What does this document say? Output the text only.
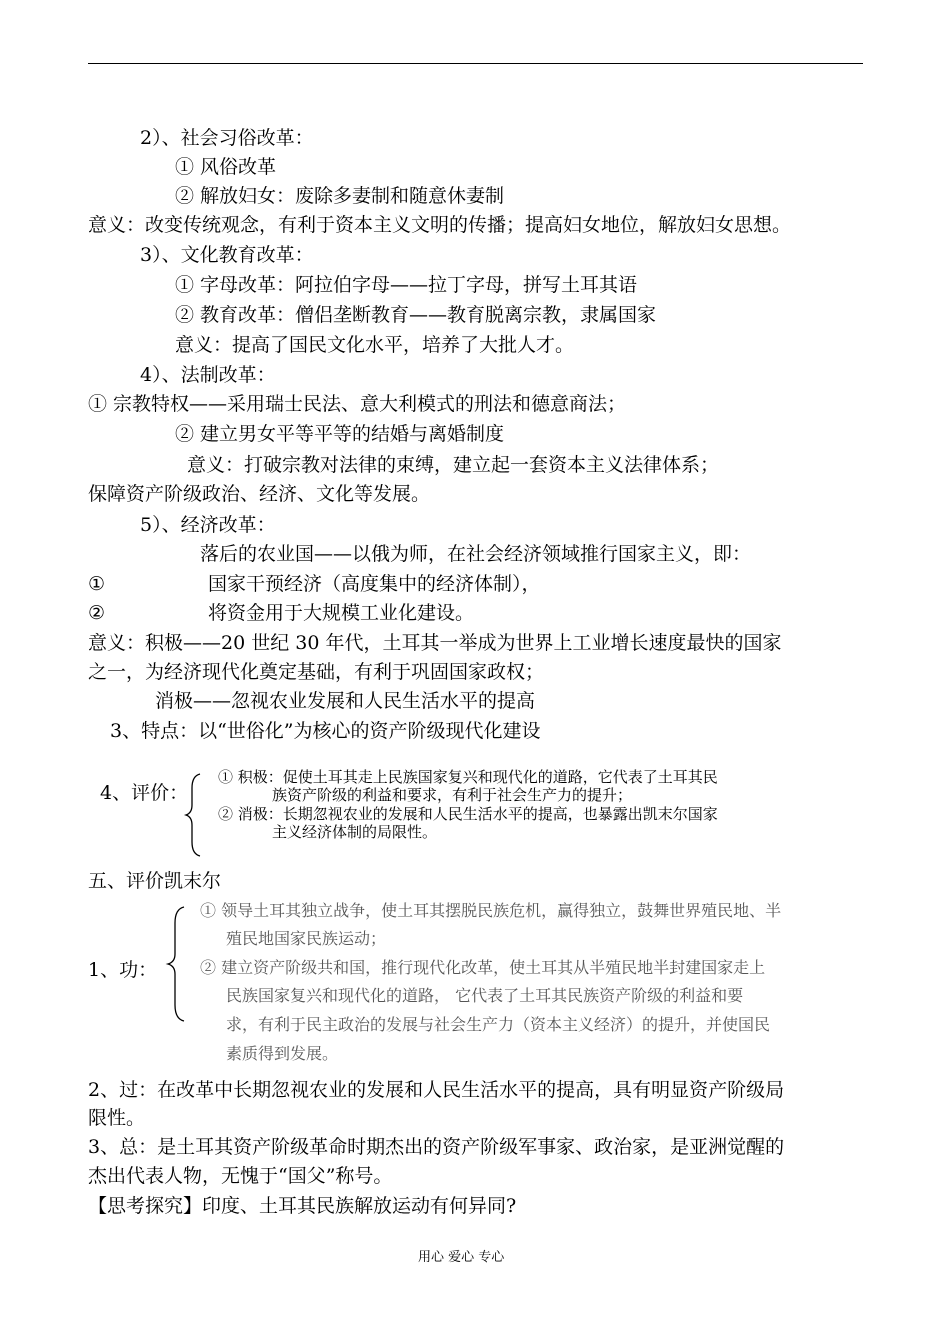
2）、社会习俗改革：
① 风俗改革
② 解放妇女：废除多妻制和随意休妻制
意义：改变传统观念，有利于资本主义文明的传播；提高妇女地位，解放妇女思想。
3）、文化教育改革：
① 字母改革：阿拉伯字母——拉丁字母，拼写土耳其语
② 教育改革：僧侣垄断教育——教育脱离宗教，隶属国家
意义：提高了国民文化水平，培养了大批人才。
4）、法制改革：
① 宗教特权——采用瑞士民法、意大利模式的刑法和德意商法；
② 建立男女平等平等的结婚与离婚制度
意义：打破宗教对法律的束缚，建立起一套资本主义法律体系；
保障资产阶级政治、经济、文化等发展。
5）、经济改革：
落后的农业国——以俄为师，在社会经济领域推行国家主义，即：
①	国家干预经济（高度集中的经济体制），
②	将资金用于大规模工业化建设。
意义：积极——20 世纪 30 年代，土耳其一举成为世界上工业增长速度最快的国家
之一，为经济现代化奠定基础，有利于巩固国家政权；
消极——忽视农业发展和人民生活水平的提高
3、特点：以“世俗化”为核心的资产阶级现代化建设
4、评价：
① 积极：促使土耳其走上民族国家复兴和现代化的道路，它代表了土耳其民
族资产阶级的利益和要求，有利于社会生产力的提升；
② 消极：长期忽视农业的发展和人民生活水平的提高，也暴露出凯末尔国家
主义经济体制的局限性。
五、评价凯末尔
1、功：
① 领导土耳其独立战争，使土耳其摆脱民族危机，赢得独立，鼓舞世界殖民地、半
殖民地国家民族运动；
② 建立资产阶级共和国，推行现代化改革，使土耳其从半殖民地半封建国家走上
民族国家复兴和现代化的道路， 它代表了土耳其民族资产阶级的利益和要
求，有利于民主政治的发展与社会生产力（资本主义经济）的提升，并使国民
素质得到发展。
2、过：在改革中长期忽视农业的发展和人民生活水平的提高，具有明显资产阶级局
限性。
3、总：是土耳其资产阶级革命时期杰出的资产阶级军事家、政治家，是亚洲觉醒的
杰出代表人物，无愧于“国父”称号。
【思考探究】印度、土耳其民族解放运动有何异同?
用心 爱心 专心
